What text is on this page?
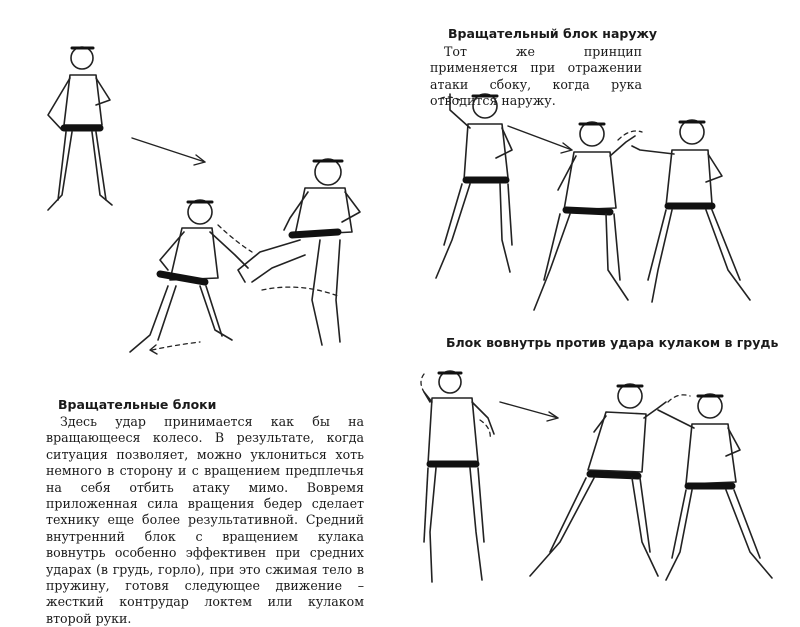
Вращательный блок наружу

Тот же принцип применяется при отражении атаки сбоку, когда рука отводится наружу.

Блок вовнутрь против удара кулаком в грудь
Вращательные блоки

Здесь удар принимается как бы на вращающееся колесо. В результате, когда ситуация позволяет, можно уклониться хоть немного в сторону и с вращением предплечья на себя отбить атаку мимо. Вовремя приложенная сила вращения бедер сделает технику еще более результативной. Средний внутренний блок с вращением кулака вовнутрь особенно эффективен при средних ударах (в грудь, горло), при это сжимая тело в пружину, готовя следующее движение – жесткий контрудар локтем или кулаком второй руки.
